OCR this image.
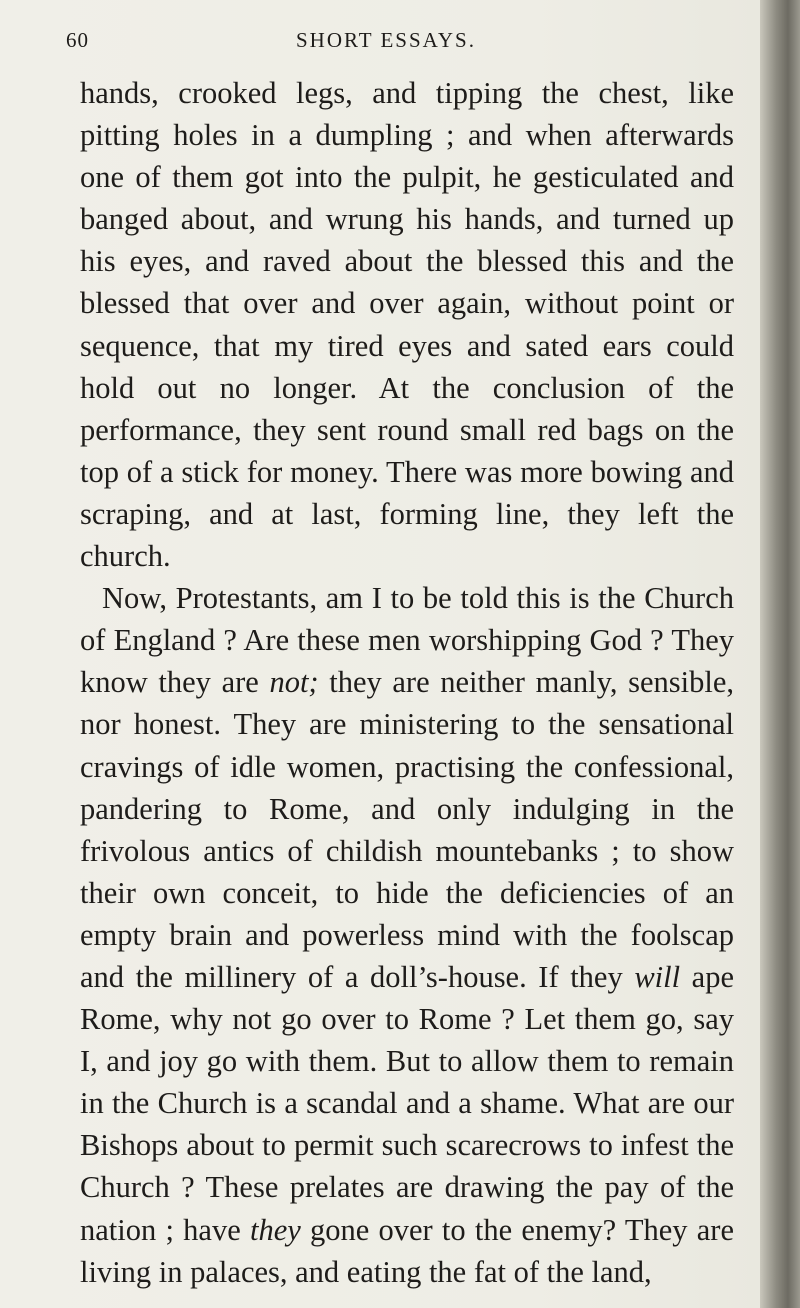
60	SHORT ESSAYS.

hands, crooked legs, and tipping the chest, like pitting holes in a dumpling ; and when afterwards one of them got into the pulpit, he gesticulated and banged about, and wrung his hands, and turned up his eyes, and raved about the blessed this and the blessed that over and over again, without point or sequence, that my tired eyes and sated ears could hold out no longer. At the conclusion of the performance, they sent round small red bags on the top of a stick for money. There was more bowing and scraping, and at last, forming line, they left the church.

Now, Protestants, am I to be told this is the Church of England ? Are these men worshipping God ? They know they are not; they are neither manly, sensible, nor honest. They are ministering to the sensational cravings of idle women, practising the confessional, pandering to Rome, and only indulging in the frivolous antics of childish mountebanks ; to show their own conceit, to hide the deficiencies of an empty brain and powerless mind with the foolscap and the millinery of a doll’s-house. If they will ape Rome, why not go over to Rome ? Let them go, say I, and joy go with them. But to allow them to remain in the Church is a scandal and a shame. What are our Bishops about to permit such scarecrows to infest the Church ? These prelates are drawing the pay of the nation ; have they gone over to the enemy? They are living in palaces, and eating the fat of the land,
